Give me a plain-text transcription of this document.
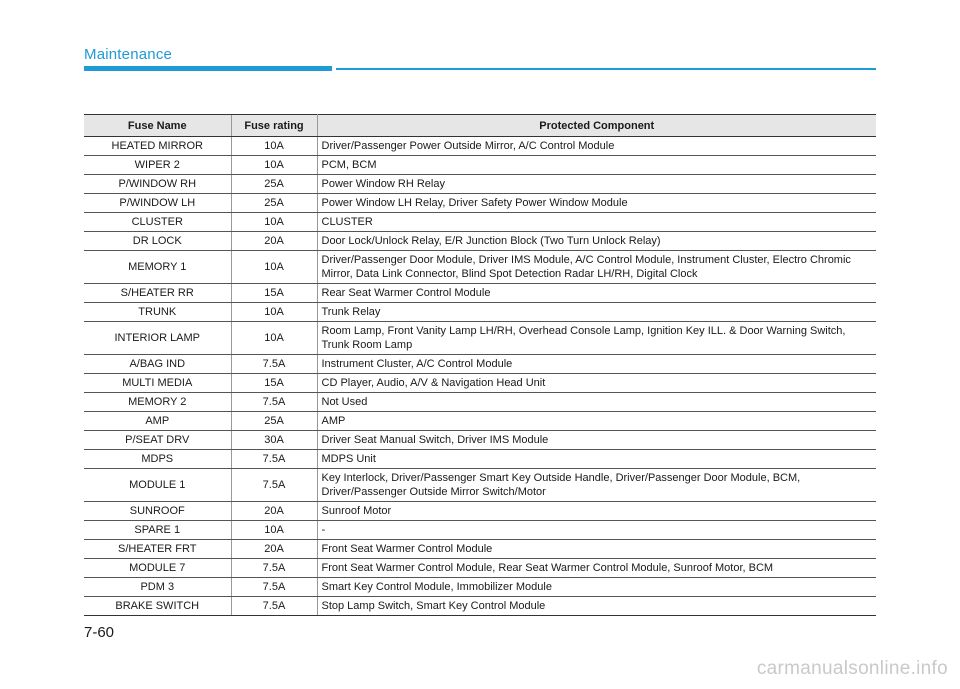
Maintenance
Fuse Name	Fuse rating	Protected Component
HEATED MIRROR	10A	Driver/Passenger Power Outside Mirror, A/C Control Module
WIPER 2	10A	PCM, BCM
P/WINDOW RH	25A	Power Window RH Relay
P/WINDOW LH	25A	Power Window LH Relay, Driver Safety Power Window Module
CLUSTER	10A	CLUSTER
DR LOCK	20A	Door Lock/Unlock Relay, E/R Junction Block (Two Turn Unlock Relay)
MEMORY 1	10A	Driver/Passenger Door Module, Driver IMS Module, A/C Control Module, Instrument Cluster, Electro Chromic Mirror, Data Link Connector, Blind Spot Detection Radar LH/RH, Digital Clock
S/HEATER RR	15A	Rear Seat Warmer Control Module
TRUNK	10A	Trunk Relay
INTERIOR LAMP	10A	Room Lamp, Front Vanity Lamp LH/RH, Overhead Console Lamp, Ignition Key ILL. & Door Warning Switch, Trunk Room Lamp
A/BAG IND	7.5A	Instrument Cluster, A/C Control Module
MULTI MEDIA	15A	CD Player, Audio, A/V & Navigation Head Unit
MEMORY 2	7.5A	Not Used
AMP	25A	AMP
P/SEAT DRV	30A	Driver Seat Manual Switch, Driver IMS Module
MDPS	7.5A	MDPS Unit
MODULE 1	7.5A	Key Interlock, Driver/Passenger Smart Key Outside Handle, Driver/Passenger Door Module, BCM, Driver/Passenger Outside Mirror Switch/Motor
SUNROOF	20A	Sunroof Motor
SPARE 1	10A	-
S/HEATER FRT	20A	Front Seat Warmer Control Module
MODULE 7	7.5A	Front Seat Warmer Control Module, Rear Seat Warmer Control Module, Sunroof Motor, BCM
PDM 3	7.5A	Smart Key Control Module, Immobilizer Module
BRAKE SWITCH	7.5A	Stop Lamp Switch, Smart Key Control Module
7-60
carmanualsonline.info
